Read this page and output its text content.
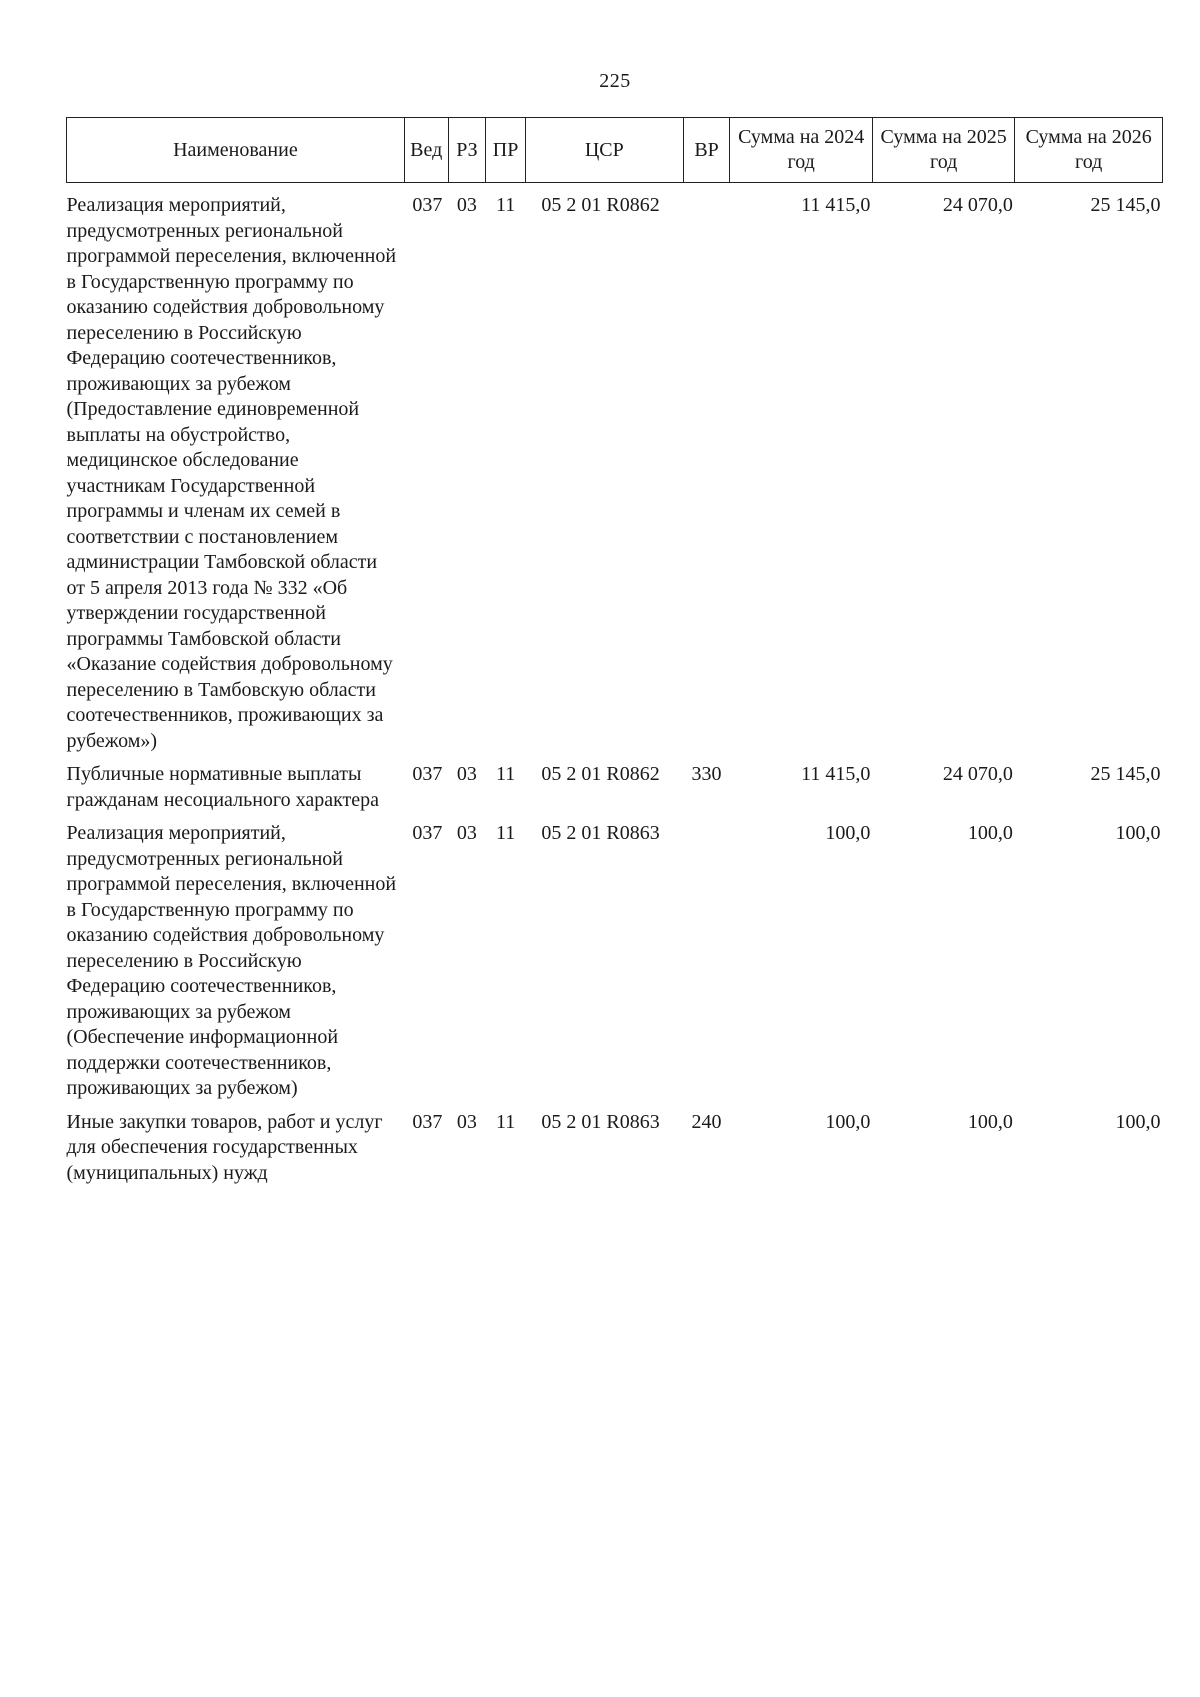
225
Наименование	Вед	РЗ	ПР	ЦСР	ВР	Сумма на 2024 год	Сумма на 2025 год	Сумма на 2026 год
Реализация мероприятий, предусмотренных региональной программой переселения, включенной в Государственную программу по оказанию содействия добровольному переселению в Российскую Федерацию соотечественников, проживающих за рубежом (Предоставление единовременной выплаты на обустройство, медицинское обследование участникам Государственной программы и членам их семей в соответствии с постановлением администрации Тамбовской области от 5 апреля 2013 года № 332 «Об утверждении государственной программы Тамбовской области «Оказание содействия добровольному переселению в Тамбовскую области соотечественников, проживающих за рубежом»)	037	03	11	05 2 01 R0862		11 415,0	24 070,0	25 145,0
Публичные нормативные выплаты гражданам несоциального характера	037	03	11	05 2 01 R0862	330	11 415,0	24 070,0	25 145,0
Реализация мероприятий, предусмотренных региональной программой переселения, включенной в Государственную программу по оказанию содействия добровольному переселению в Российскую Федерацию соотечественников, проживающих за рубежом (Обеспечение информационной поддержки соотечественников, проживающих за рубежом)	037	03	11	05 2 01 R0863		100,0	100,0	100,0
Иные закупки товаров, работ и услуг для обеспечения государственных (муниципальных) нужд	037	03	11	05 2 01 R0863	240	100,0	100,0	100,0
